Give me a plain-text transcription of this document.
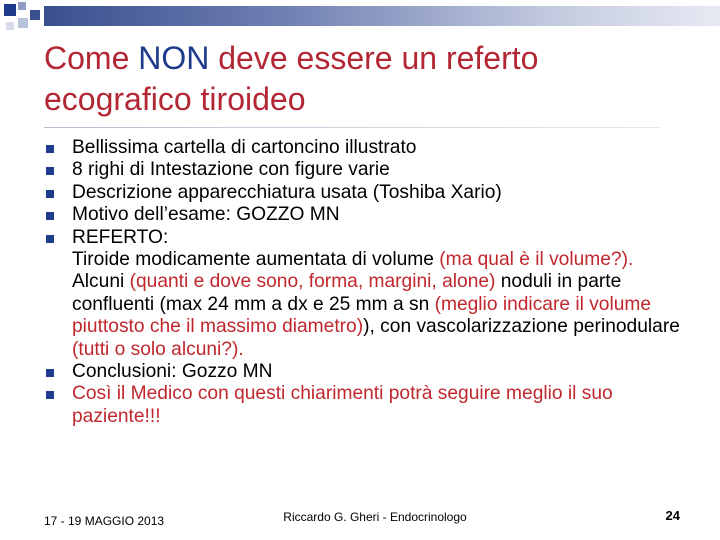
Come NON deve essere un referto ecografico tiroideo
Bellissima cartella di cartoncino illustrato
8 righi di Intestazione con figure varie
Descrizione apparecchiatura usata (Toshiba Xario)
Motivo dell’esame: GOZZO MN
REFERTO:
Tiroide modicamente aumentata di volume (ma qual è il volume?). Alcuni (quanti e dove sono, forma, margini, alone) noduli in parte confluenti (max 24 mm a dx e 25 mm a sn (meglio indicare il volume piuttosto che il massimo diametro)), con vascolarizzazione perinodulare (tutti o solo alcuni?).
Conclusioni: Gozzo MN
Così il Medico con questi chiarimenti potrà seguire meglio il suo paziente!!!
17 - 19 MAGGIO 2013	Riccardo G. Gheri - Endocrinologo	24
